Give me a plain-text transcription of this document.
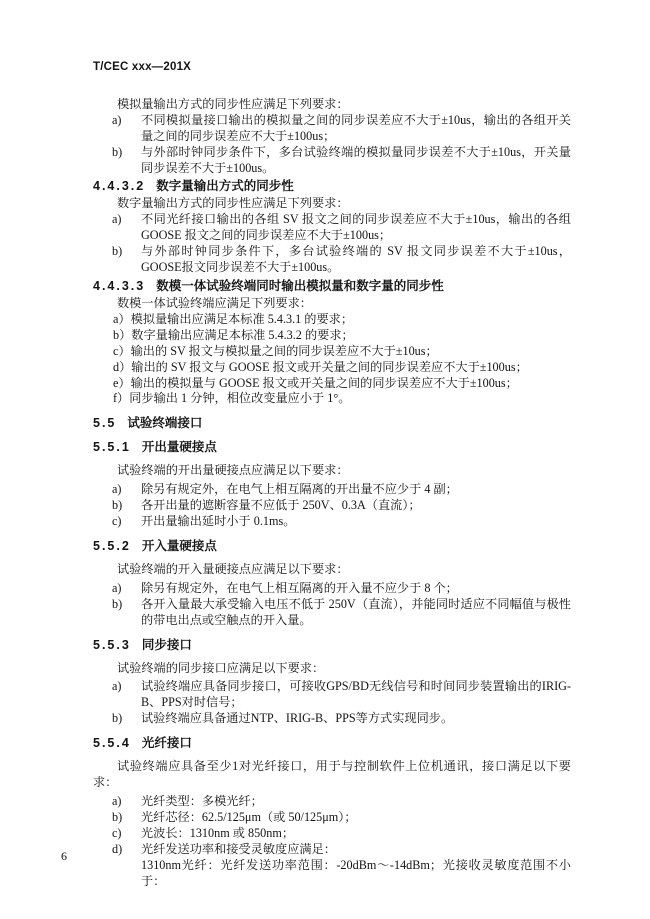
T/CEC xxx—201X

模拟量输出方式的同步性应满足下列要求：

a)	不同模拟量接口输出的模拟量之间的同步误差应不大于±10us，输出的各组开关量之间的同步误差应不大于±100us；
b)	与外部时钟同步条件下，多台试验终端的模拟量同步误差不大于±10us，开关量同步误差不大于±100us。
4.4.3.2 数字量输出方式的同步性

数字量输出方式的同步性应满足下列要求：

a)	不同光纤接口输出的各组 SV 报文之间的同步误差应不大于±10us，输出的各组GOOSE 报文之间的同步误差应不大于±100us；
b)	与外部时钟同步条件下，多台试验终端的 SV 报文同步误差不大于±10us，GOOSE报文同步误差不大于±100us。
4.4.3.3 数模一体试验终端同时输出模拟量和数字量的同步性

数模一体试验终端应满足下列要求：

a）模拟量输出应满足本标准 5.4.3.1 的要求；
b）数字量输出应满足本标准 5.4.3.2 的要求；
c）输出的 SV 报文与模拟量之间的同步误差应不大于±10us；
d）输出的 SV 报文与 GOOSE 报文或开关量之间的同步误差应不大于±100us；
e）输出的模拟量与 GOOSE 报文或开关量之间的同步误差应不大于±100us；
f）同步输出 1 分钟，相位改变量应小于 1°。
5.5 试验终端接口
5.5.1 开出量硬接点

试验终端的开出量硬接点应满足以下要求：

a)	除另有规定外，在电气上相互隔离的开出量不应少于 4 副；
b)	各开出量的遮断容量不应低于 250V、0.3A（直流）；
c)	开出量输出延时小于 0.1ms。
5.5.2 开入量硬接点

试验终端的开入量硬接点应满足以下要求：

a)	除另有规定外，在电气上相互隔离的开入量不应少于 8 个；
b)	各开入量最大承受输入电压不低于 250V（直流），并能同时适应不同幅值与极性的带电出点或空触点的开入量。
5.5.3 同步接口

试验终端的同步接口应满足以下要求：

a)	试验终端应具备同步接口，可接收GPS/BD无线信号和时间同步装置输出的IRIG-B、PPS对时信号；
b)	试验终端应具备通过NTP、IRIG-B、PPS等方式实现同步。
5.5.4 光纤接口

试验终端应具备至少1对光纤接口，用于与控制软件上位机通讯，接口满足以下要求：

a)	光纤类型：多模光纤；
b)	光纤芯径：62.5/125μm（或 50/125μm）；
c)	光波长：1310nm 或 850nm；
d)	光纤发送功率和接受灵敏度应满足：
1310nm光纤：光纤发送功率范围：-20dBm～-14dBm；光接收灵敏度范围不小于：
6
